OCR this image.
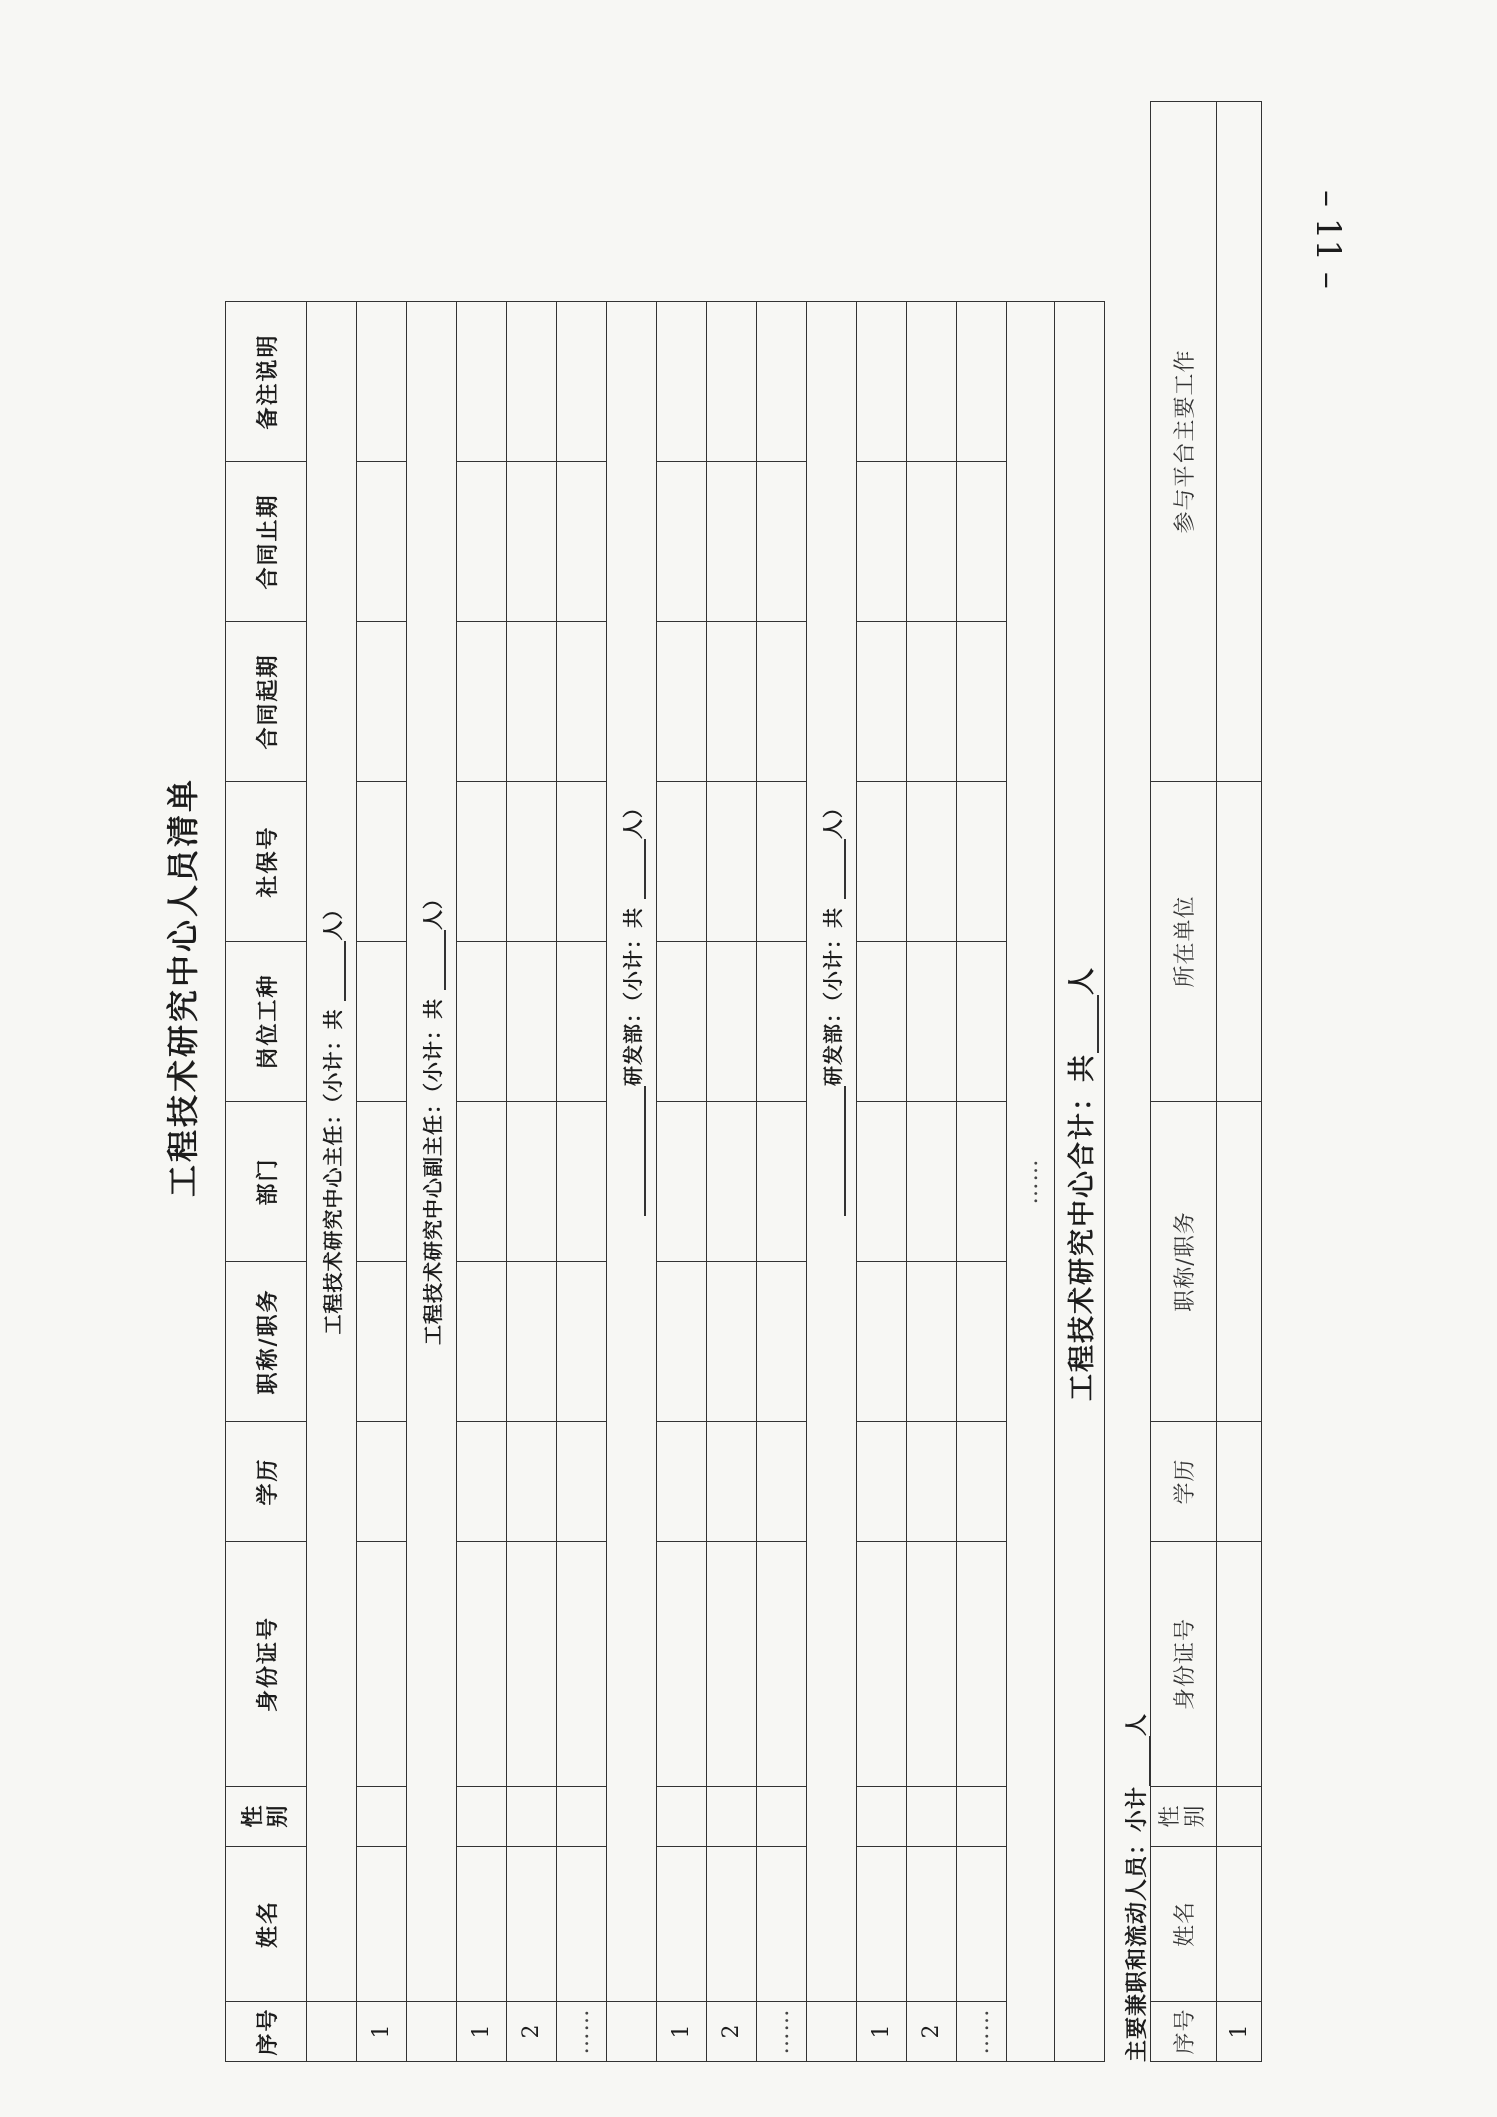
– 11 –
工程技术研究中心人员清单
序号	姓名	性别	身份证号	学历	职称/职务	部门	岗位工种	社保号	合同起期	合同止期	备注说明
	工程技术研究中心主任：（小计：共 人）										
1											
	工程技术研究中心副主任：（小计：共 人）										
1											
2											
……											
	研发部：（小计：共 人）										
1											
2											
……											
	研发部：（小计：共 人）										
1											
2											
……											
……											
工程技术研究中心合计：共人											
主要兼职和流动人员：小计人
序号	姓名	性别	身份证号	学历	职称/职务	所在单位	参与平台主要工作
1							
